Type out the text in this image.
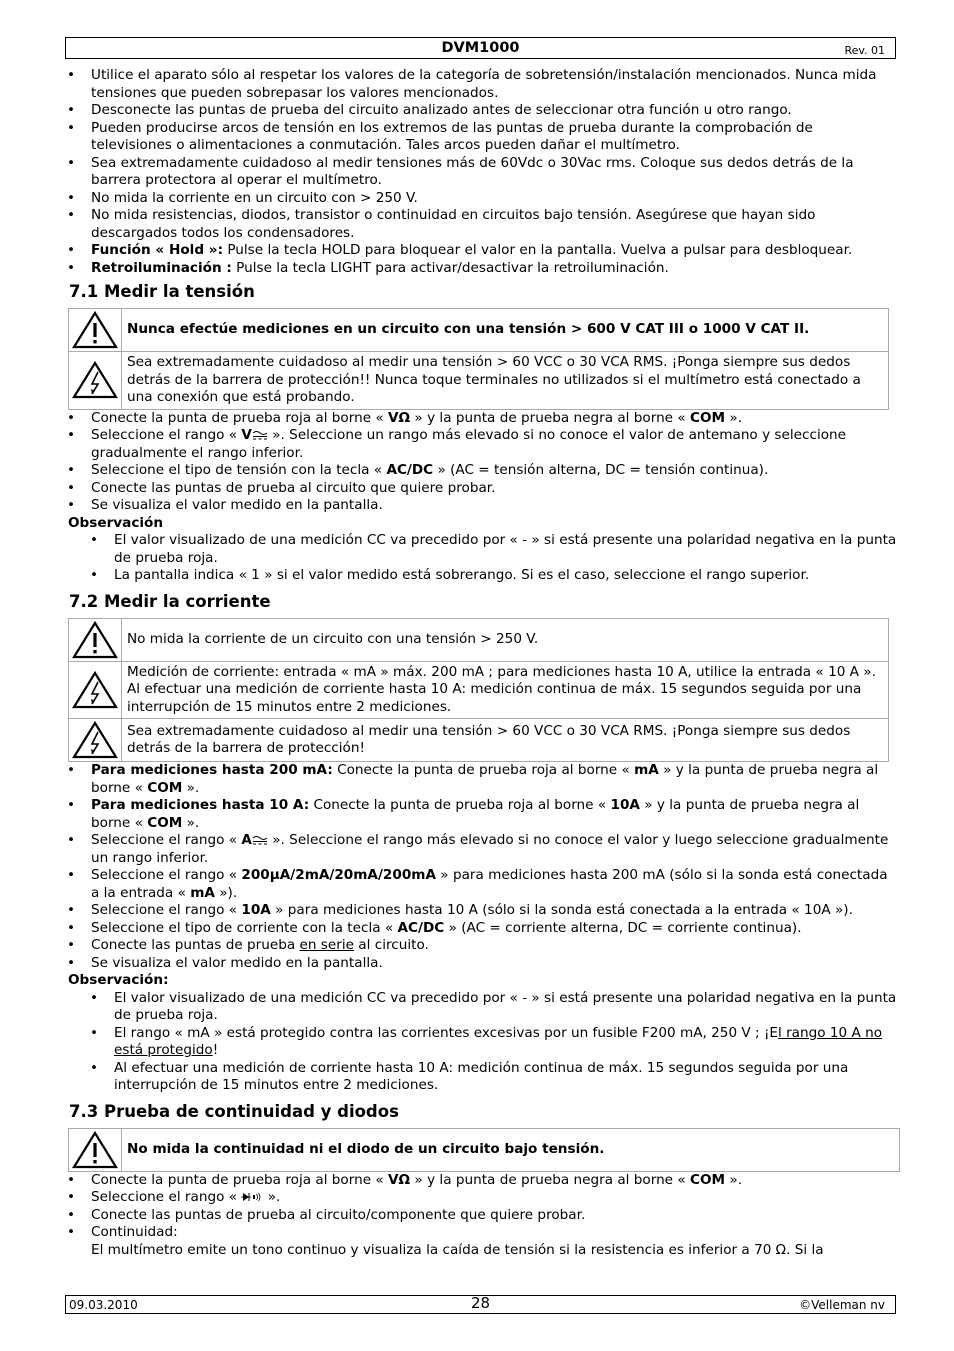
DVM1000	Rev. 01
• Utilice el aparato sólo al respetar los valores de la categoría de sobretensión/instalación mencionados. Nunca mida tensiones que pueden sobrepasar los valores mencionados.
• Desconecte las puntas de prueba del circuito analizado antes de seleccionar otra función u otro rango.
• Pueden producirse arcos de tensión en los extremos de las puntas de prueba durante la comprobación de televisiones o alimentaciones a conmutación. Tales arcos pueden dañar el multímetro.
• Sea extremadamente cuidadoso al medir tensiones más de 60Vdc o 30Vac rms. Coloque sus dedos detrás de la barrera protectora al operar el multímetro.
• No mida la corriente en un circuito con > 250 V.
• No mida resistencias, diodos, transistor o continuidad en circuitos bajo tensión. Asegúrese que hayan sido descargados todos los condensadores.
• Función « Hold »: Pulse la tecla HOLD para bloquear el valor en la pantalla. Vuelva a pulsar para desbloquear.
• Retroiluminación : Pulse la tecla LIGHT para activar/desactivar la retroiluminación.
7.1 Medir la tensión
	Nunca efectúe mediciones en un circuito con una tensión > 600 V CAT III o 1000 V CAT II.

	Sea extremadamente cuidadoso al medir una tensión > 60 VCC o 30 VCA RMS. ¡Ponga siempre sus dedos detrás de la barrera de protección!! Nunca toque terminales no utilizados si el multímetro está conectado a una conexión que está probando.
• Conecte la punta de prueba roja al borne « VΩ » y la punta de prueba negra al borne « COM ».
• Seleccione el rango « V ». Seleccione un rango más elevado si no conoce el valor de antemano y seleccione gradualmente el rango inferior.
• Seleccione el tipo de tensión con la tecla « AC/DC » (AC = tensión alterna, DC = tensión continua).
• Conecte las puntas de prueba al circuito que quiere probar.
• Se visualiza el valor medido en la pantalla.
Observación
• El valor visualizado de una medición CC va precedido por « - » si está presente una polaridad negativa en la punta de prueba roja.
• La pantalla indica « 1 » si el valor medido está sobrerango. Si es el caso, seleccione el rango superior.
7.2 Medir la corriente
	No mida la corriente de un circuito con una tensión > 250 V.

	Medición de corriente: entrada « mA » máx. 200 mA ; para mediciones hasta 10 A, utilice la entrada « 10 A ». Al efectuar una medición de corriente hasta 10 A: medición continua de máx. 15 segundos seguida por una interrupción de 15 minutos entre 2 mediciones.

	Sea extremadamente cuidadoso al medir una tensión > 60 VCC o 30 VCA RMS. ¡Ponga siempre sus dedos detrás de la barrera de protección!
• Para mediciones hasta 200 mA: Conecte la punta de prueba roja al borne « mA » y la punta de prueba negra al borne « COM ».
• Para mediciones hasta 10 A: Conecte la punta de prueba roja al borne « 10A » y la punta de prueba negra al borne « COM ».
• Seleccione el rango « A ». Seleccione el rango más elevado si no conoce el valor y luego seleccione gradualmente un rango inferior.
• Seleccione el rango « 200µA/2mA/20mA/200mA » para mediciones hasta 200 mA (sólo si la sonda está conectada a la entrada « mA »).
• Seleccione el rango « 10A » para mediciones hasta 10 A (sólo si la sonda está conectada a la entrada « 10A »).
• Seleccione el tipo de corriente con la tecla « AC/DC » (AC = corriente alterna, DC = corriente continua).
• Conecte las puntas de prueba en serie al circuito.
• Se visualiza el valor medido en la pantalla.
Observación:
• El valor visualizado de una medición CC va precedido por « - » si está presente una polaridad negativa en la punta de prueba roja.
• El rango « mA » está protegido contra las corrientes excesivas por un fusible F200 mA, 250 V ; ¡El rango 10 A no está protegido!
• Al efectuar una medición de corriente hasta 10 A: medición continua de máx. 15 segundos seguida por una interrupción de 15 minutos entre 2 mediciones.
7.3 Prueba de continuidad y diodos
	No mida la continuidad ni el diodo de un circuito bajo tensión.
• Conecte la punta de prueba roja al borne « VΩ » y la punta de prueba negra al borne « COM ».
• Seleccione el rango «  ».
• Conecte las puntas de prueba al circuito/componente que quiere probar.
• Continuidad:
El multímetro emite un tono continuo y visualiza la caída de tensión si la resistencia es inferior a 70 Ω. Si la
09.03.2010	28	©Velleman nv
